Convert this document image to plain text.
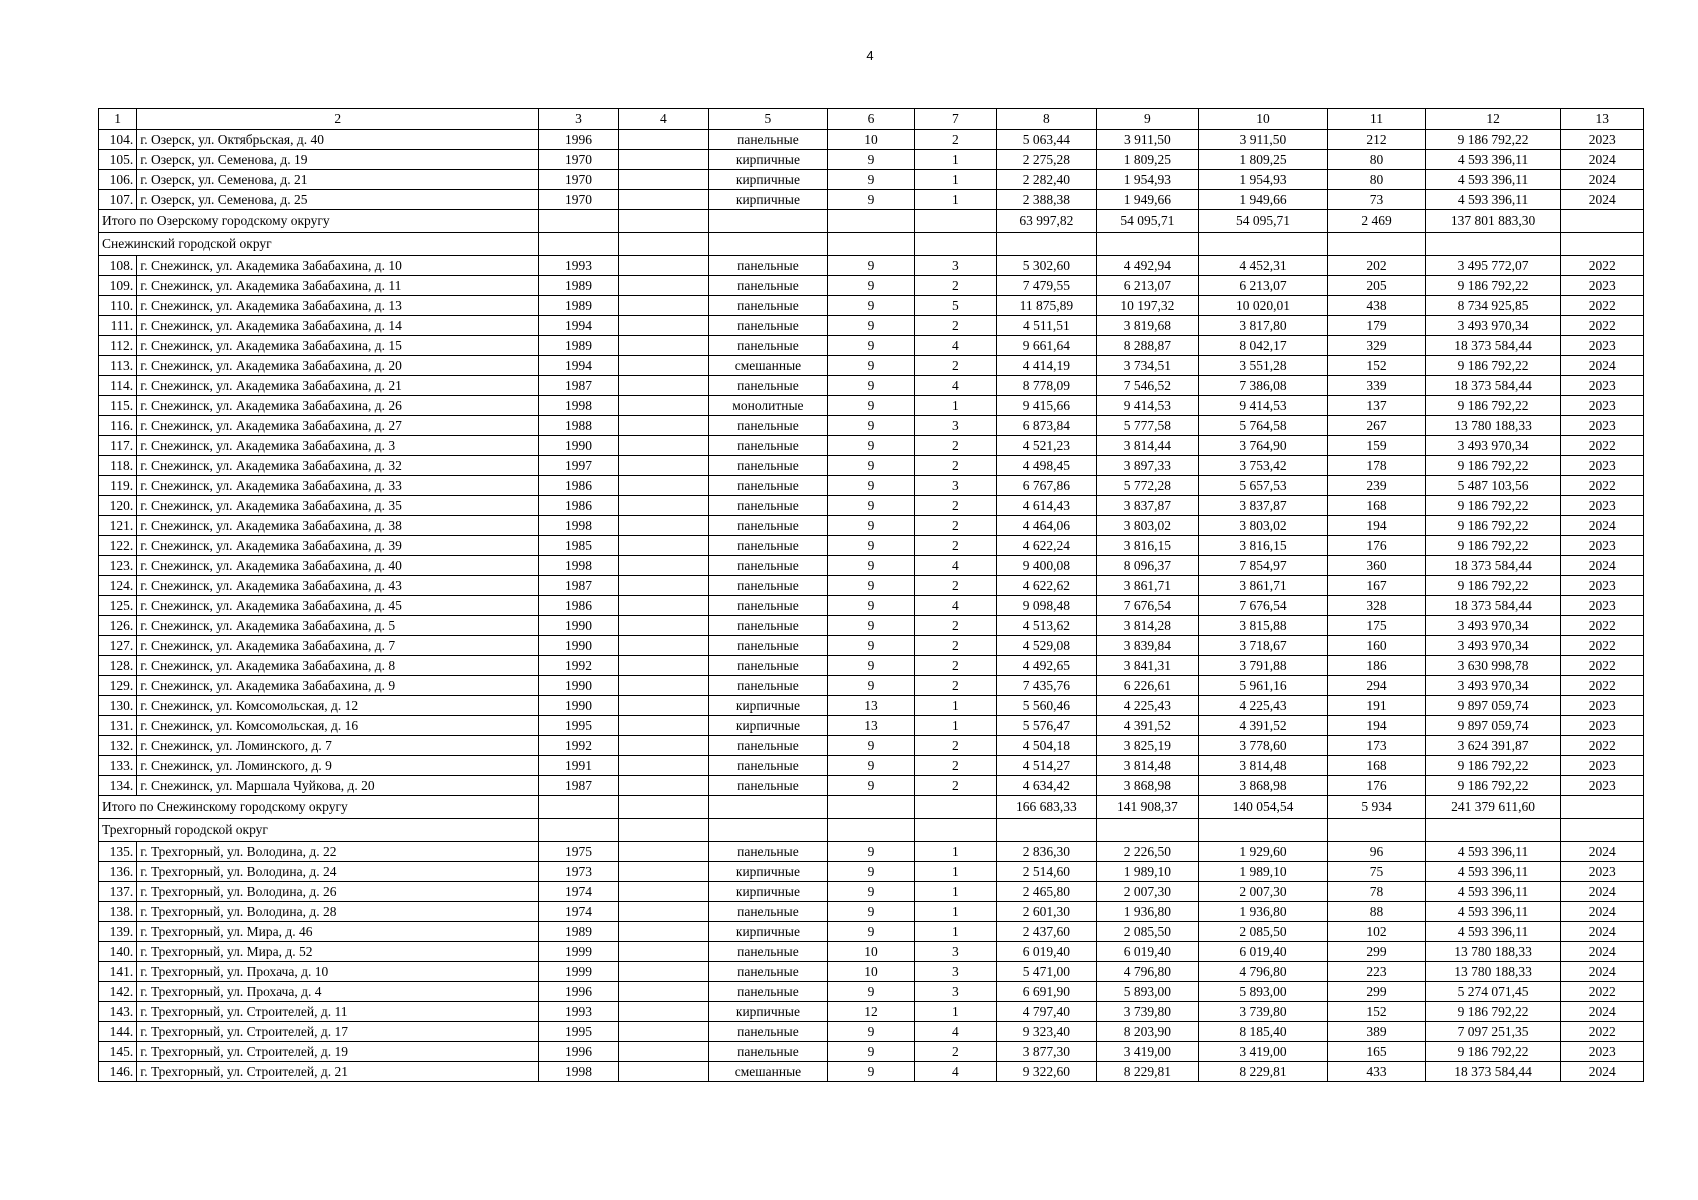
4
1	2	3	4	5	6	7	8	9	10	11	12	13
104.	г. Озерск, ул. Октябрьская, д. 40	1996		панельные	10	2	5 063,44	3 911,50	3 911,50	212	9 186 792,22	2023
105.	г. Озерск, ул. Семенова, д. 19	1970		кирпичные	9	1	2 275,28	1 809,25	1 809,25	80	4 593 396,11	2024
106.	г. Озерск, ул. Семенова, д. 21	1970		кирпичные	9	1	2 282,40	1 954,93	1 954,93	80	4 593 396,11	2024
107.	г. Озерск, ул. Семенова, д. 25	1970		кирпичные	9	1	2 388,38	1 949,66	1 949,66	73	4 593 396,11	2024
Итого по Озерскому городскому округу							63 997,82	54 095,71	54 095,71	2 469	137 801 883,30	
Снежинский городской округ												
108.	г. Снежинск, ул. Академика Забабахина, д. 10	1993		панельные	9	3	5 302,60	4 492,94	4 452,31	202	3 495 772,07	2022
109.	г. Снежинск, ул. Академика Забабахина, д. 11	1989		панельные	9	2	7 479,55	6 213,07	6 213,07	205	9 186 792,22	2023
110.	г. Снежинск, ул. Академика Забабахина, д. 13	1989		панельные	9	5	11 875,89	10 197,32	10 020,01	438	8 734 925,85	2022
111.	г. Снежинск, ул. Академика Забабахина, д. 14	1994		панельные	9	2	4 511,51	3 819,68	3 817,80	179	3 493 970,34	2022
112.	г. Снежинск, ул. Академика Забабахина, д. 15	1989		панельные	9	4	9 661,64	8 288,87	8 042,17	329	18 373 584,44	2023
113.	г. Снежинск, ул. Академика Забабахина, д. 20	1994		смешанные	9	2	4 414,19	3 734,51	3 551,28	152	9 186 792,22	2024
114.	г. Снежинск, ул. Академика Забабахина, д. 21	1987		панельные	9	4	8 778,09	7 546,52	7 386,08	339	18 373 584,44	2023
115.	г. Снежинск, ул. Академика Забабахина, д. 26	1998		монолитные	9	1	9 415,66	9 414,53	9 414,53	137	9 186 792,22	2023
116.	г. Снежинск, ул. Академика Забабахина, д. 27	1988		панельные	9	3	6 873,84	5 777,58	5 764,58	267	13 780 188,33	2023
117.	г. Снежинск, ул. Академика Забабахина, д. 3	1990		панельные	9	2	4 521,23	3 814,44	3 764,90	159	3 493 970,34	2022
118.	г. Снежинск, ул. Академика Забабахина, д. 32	1997		панельные	9	2	4 498,45	3 897,33	3 753,42	178	9 186 792,22	2023
119.	г. Снежинск, ул. Академика Забабахина, д. 33	1986		панельные	9	3	6 767,86	5 772,28	5 657,53	239	5 487 103,56	2022
120.	г. Снежинск, ул. Академика Забабахина, д. 35	1986		панельные	9	2	4 614,43	3 837,87	3 837,87	168	9 186 792,22	2023
121.	г. Снежинск, ул. Академика Забабахина, д. 38	1998		панельные	9	2	4 464,06	3 803,02	3 803,02	194	9 186 792,22	2024
122.	г. Снежинск, ул. Академика Забабахина, д. 39	1985		панельные	9	2	4 622,24	3 816,15	3 816,15	176	9 186 792,22	2023
123.	г. Снежинск, ул. Академика Забабахина, д. 40	1998		панельные	9	4	9 400,08	8 096,37	7 854,97	360	18 373 584,44	2024
124.	г. Снежинск, ул. Академика Забабахина, д. 43	1987		панельные	9	2	4 622,62	3 861,71	3 861,71	167	9 186 792,22	2023
125.	г. Снежинск, ул. Академика Забабахина, д. 45	1986		панельные	9	4	9 098,48	7 676,54	7 676,54	328	18 373 584,44	2023
126.	г. Снежинск, ул. Академика Забабахина, д. 5	1990		панельные	9	2	4 513,62	3 814,28	3 815,88	175	3 493 970,34	2022
127.	г. Снежинск, ул. Академика Забабахина, д. 7	1990		панельные	9	2	4 529,08	3 839,84	3 718,67	160	3 493 970,34	2022
128.	г. Снежинск, ул. Академика Забабахина, д. 8	1992		панельные	9	2	4 492,65	3 841,31	3 791,88	186	3 630 998,78	2022
129.	г. Снежинск, ул. Академика Забабахина, д. 9	1990		панельные	9	2	7 435,76	6 226,61	5 961,16	294	3 493 970,34	2022
130.	г. Снежинск, ул. Комсомольская, д. 12	1990		кирпичные	13	1	5 560,46	4 225,43	4 225,43	191	9 897 059,74	2023
131.	г. Снежинск, ул. Комсомольская, д. 16	1995		кирпичные	13	1	5 576,47	4 391,52	4 391,52	194	9 897 059,74	2023
132.	г. Снежинск, ул. Ломинского, д. 7	1992		панельные	9	2	4 504,18	3 825,19	3 778,60	173	3 624 391,87	2022
133.	г. Снежинск, ул. Ломинского, д. 9	1991		панельные	9	2	4 514,27	3 814,48	3 814,48	168	9 186 792,22	2023
134.	г. Снежинск, ул. Маршала Чуйкова, д. 20	1987		панельные	9	2	4 634,42	3 868,98	3 868,98	176	9 186 792,22	2023
Итого по Снежинскому городскому округу							166 683,33	141 908,37	140 054,54	5 934	241 379 611,60	
Трехгорный городской округ												
135.	г. Трехгорный, ул. Володина, д. 22	1975		панельные	9	1	2 836,30	2 226,50	1 929,60	96	4 593 396,11	2024
136.	г. Трехгорный, ул. Володина, д. 24	1973		кирпичные	9	1	2 514,60	1 989,10	1 989,10	75	4 593 396,11	2023
137.	г. Трехгорный, ул. Володина, д. 26	1974		кирпичные	9	1	2 465,80	2 007,30	2 007,30	78	4 593 396,11	2024
138.	г. Трехгорный, ул. Володина, д. 28	1974		панельные	9	1	2 601,30	1 936,80	1 936,80	88	4 593 396,11	2024
139.	г. Трехгорный, ул. Мира, д. 46	1989		кирпичные	9	1	2 437,60	2 085,50	2 085,50	102	4 593 396,11	2024
140.	г. Трехгорный, ул. Мира, д. 52	1999		панельные	10	3	6 019,40	6 019,40	6 019,40	299	13 780 188,33	2024
141.	г. Трехгорный, ул. Прохача, д. 10	1999		панельные	10	3	5 471,00	4 796,80	4 796,80	223	13 780 188,33	2024
142.	г. Трехгорный, ул. Прохача, д. 4	1996		панельные	9	3	6 691,90	5 893,00	5 893,00	299	5 274 071,45	2022
143.	г. Трехгорный, ул. Строителей, д. 11	1993		кирпичные	12	1	4 797,40	3 739,80	3 739,80	152	9 186 792,22	2024
144.	г. Трехгорный, ул. Строителей, д. 17	1995		панельные	9	4	9 323,40	8 203,90	8 185,40	389	7 097 251,35	2022
145.	г. Трехгорный, ул. Строителей, д. 19	1996		панельные	9	2	3 877,30	3 419,00	3 419,00	165	9 186 792,22	2023
146.	г. Трехгорный, ул. Строителей, д. 21	1998		смешанные	9	4	9 322,60	8 229,81	8 229,81	433	18 373 584,44	2024
